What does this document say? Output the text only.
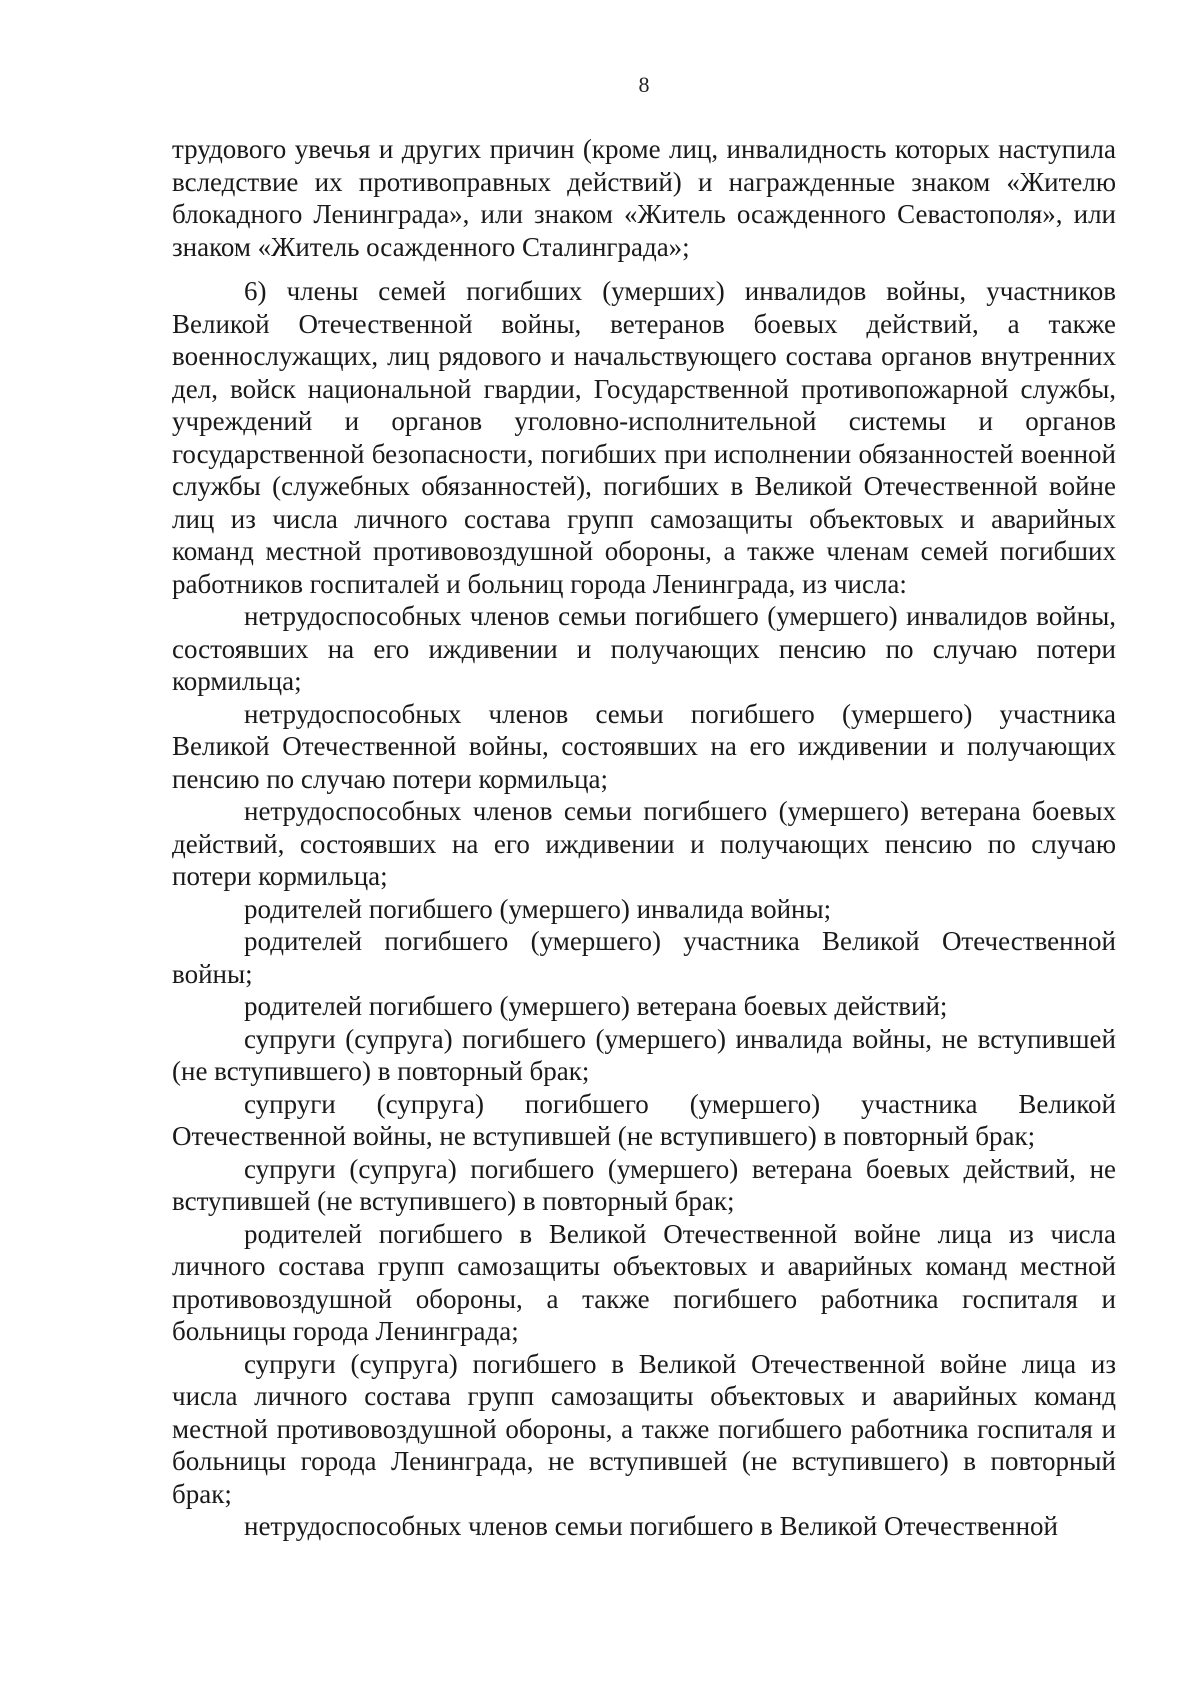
8

трудового увечья и других причин (кроме лиц, инвалидность которых наступила вследствие их противоправных действий) и награжденные знаком «Жителю блокадного Ленинграда», или знаком «Житель осажденного Севастополя», или знаком «Житель осажденного Сталинграда»;

6) члены семей погибших (умерших) инвалидов войны, участников Великой Отечественной войны, ветеранов боевых действий, а также военнослужащих, лиц рядового и начальствующего состава органов внутренних дел, войск национальной гвардии, Государственной противопожарной службы, учреждений и органов уголовно-исполнительной системы и органов государственной безопасности, погибших при исполнении обязанностей военной службы (служебных обязанностей), погибших в Великой Отечественной войне лиц из числа личного состава групп самозащиты объектовых и аварийных команд местной противовоздушной обороны, а также членам семей погибших работников госпиталей и больниц города Ленинграда, из числа:

нетрудоспособных членов семьи погибшего (умершего) инвалидов войны, состоявших на его иждивении и получающих пенсию по случаю потери кормильца;

нетрудоспособных членов семьи погибшего (умершего) участника Великой Отечественной войны, состоявших на его иждивении и получающих пенсию по случаю потери кормильца;

нетрудоспособных членов семьи погибшего (умершего) ветерана боевых действий, состоявших на его иждивении и получающих пенсию по случаю потери кормильца;

родителей погибшего (умершего) инвалида войны;

родителей погибшего (умершего) участника Великой Отечественной войны;

родителей погибшего (умершего) ветерана боевых действий;

супруги (супруга) погибшего (умершего) инвалида войны, не вступившей (не вступившего) в повторный брак;

супруги (супруга) погибшего (умершего) участника Великой Отечественной войны, не вступившей (не вступившего) в повторный брак;

супруги (супруга) погибшего (умершего) ветерана боевых действий, не вступившей (не вступившего) в повторный брак;

родителей погибшего в Великой Отечественной войне лица из числа личного состава групп самозащиты объектовых и аварийных команд местной противовоздушной обороны, а также погибшего работника госпиталя и больницы города Ленинграда;

супруги (супруга) погибшего в Великой Отечественной войне лица из числа личного состава групп самозащиты объектовых и аварийных команд местной противовоздушной обороны, а также погибшего работника госпиталя и больницы города Ленинграда, не вступившей (не вступившего) в повторный брак;

нетрудоспособных членов семьи погибшего в Великой Отечественной
